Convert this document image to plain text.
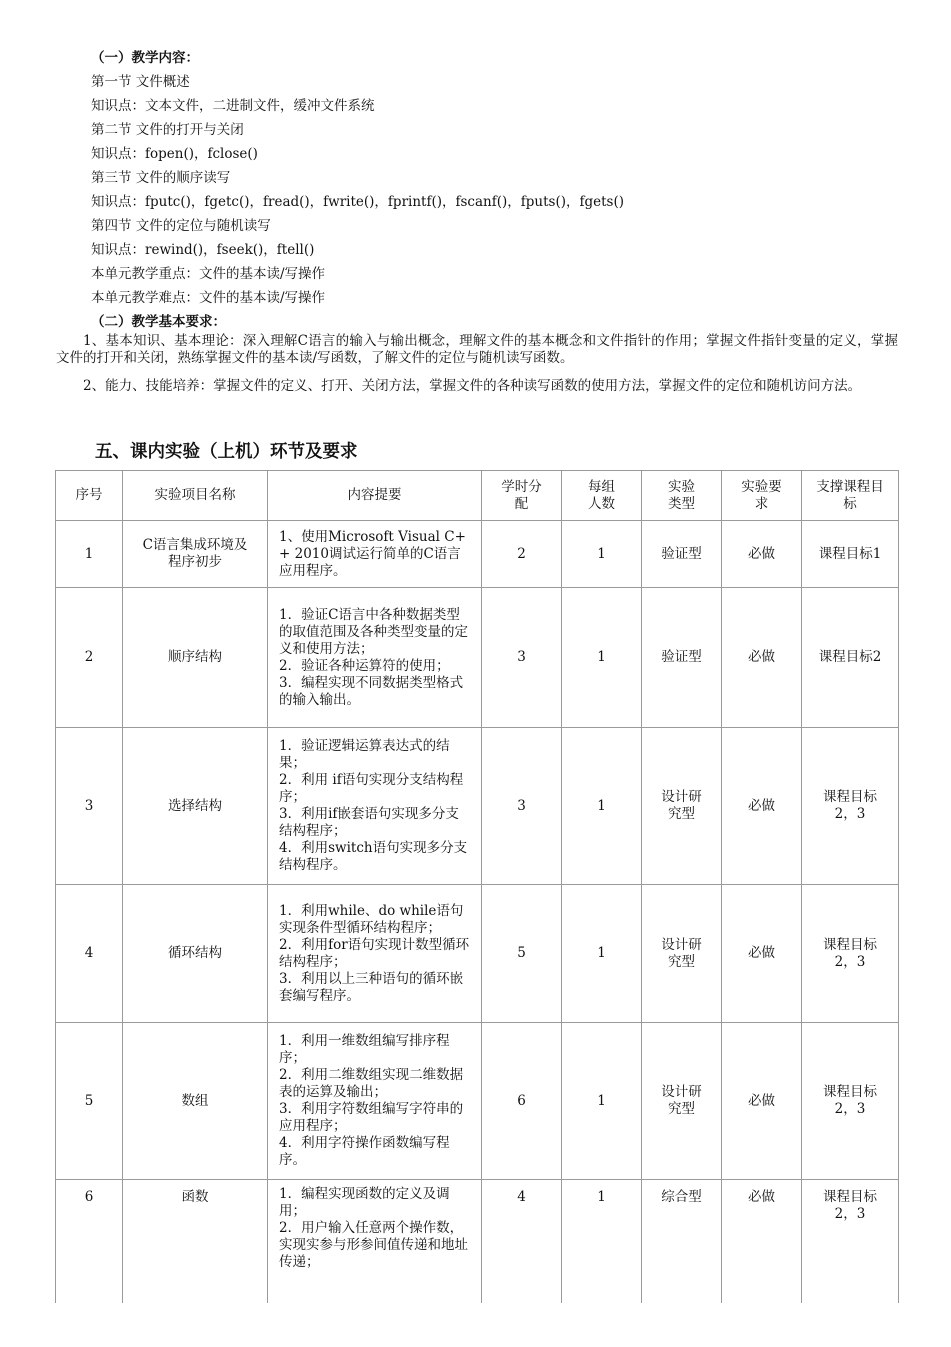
（一）教学内容：
第一节 文件概述
知识点：文本文件，二进制文件，缓冲文件系统
第二节 文件的打开与关闭
知识点：fopen()，fclose()
第三节 文件的顺序读写
知识点：fputc()，fgetc()，fread()，fwrite()，fprintf()，fscanf()，fputs()，fgets()
第四节 文件的定位与随机读写
知识点：rewind()，fseek()，ftell()
本单元教学重点：文件的基本读/写操作
本单元教学难点：文件的基本读/写操作
（二）教学基本要求：
1、基本知识、基本理论：深入理解C语言的输入与输出概念，理解文件的基本概念和文件指针的作用；掌握文件指针变量的定义，掌握文件的打开和关闭，熟练掌握文件的基本读/写函数，了解文件的定位与随机读写函数。
2、能力、技能培养：掌握文件的定义、打开、关闭方法，掌握文件的各种读写函数的使用方法，掌握文件的定位和随机访问方法。
五、课内实验（上机）环节及要求
序号	实验项目名称	内容提要	学时分配	每组人数	实验类型	实验要求	支撑课程目标
1	C语言集成环境及程序初步	1、使用Microsoft Visual C++ 2010调试运行简单的C语言应用程序。	2	1	验证型	必做	课程目标1
2	顺序结构	1．验证C语言中各种数据类型的取值范围及各种类型变量的定义和使用方法；
2．验证各种运算符的使用；
3．编程实现不同数据类型格式的输入输出。	3	1	验证型	必做	课程目标2
3	选择结构	1．验证逻辑运算表达式的结果；
2．利用 if语句实现分支结构程序；
3．利用if嵌套语句实现多分支结构程序；
4．利用switch语句实现多分支结构程序。	3	1	设计研究型	必做	课程目标2，3
4	循环结构	1．利用while、do while语句实现条件型循环结构程序；
2．利用for语句实现计数型循环结构程序；
3．利用以上三种语句的循环嵌套编写程序。	5	1	设计研究型	必做	课程目标2，3
5	数组	1．利用一维数组编写排序程序；
2．利用二维数组实现二维数据表的运算及输出；
3．利用字符数组编写字符串的应用程序；
4．利用字符操作函数编写程序。	6	1	设计研究型	必做	课程目标2，3
6	函数	1．编程实现函数的定义及调用；
2．用户输入任意两个操作数，实现实参与形参间值传递和地址传递；	4	1	综合型	必做	课程目标2，3
